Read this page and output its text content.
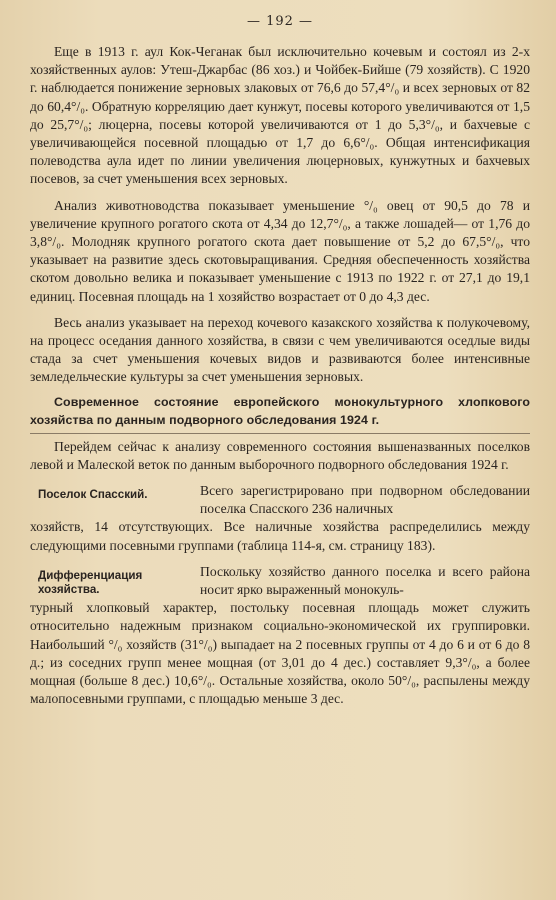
— 192 —

Еще в 1913 г. аул Кок-Чеганак был исключительно кочевым и состоял из 2-х хозяйственных аулов: Утеш-Джарбас (86 хоз.) и Чойбек-Бийше (79 хозяйств). С 1920 г. наблюдается понижение зерновых злаковых от 76,6 до 57,4°/₀ и всех зерновых от 82 до 60,4°/₀. Обратную корреляцию дает кунжут, посевы которого увеличиваются от 1,5 до 25,7°/₀; люцерна, посевы которой увеличиваются от 1 до 5,3°/₀, и бахчевые с увеличивающейся посевной площадью от 1,7 до 6,6°/₀. Общая интенсификация полеводства аула идет по линии увеличения люцерновых, кунжутных и бахчевых посевов, за счет уменьшения всех зерновых.

Анализ животноводства показывает уменьшение °/₀ овец от 90,5 до 78 и увеличение крупного рогатого скота от 4,34 до 12,7°/₀, а также лошадей— от 1,76 до 3,8°/₀. Молодняк крупного рогатого скота дает повышение от 5,2 до 67,5°/₀, что указывает на развитие здесь скотовыращивания. Средняя обеспеченность хозяйства скотом довольно велика и показывает уменьшение с 1913 по 1922 г. от 27,1 до 19,1 единиц. Посевная площадь на 1 хозяйство возрастает от 0 до 4,3 дес.

Весь анализ указывает на переход кочевого казакского хозяйства к полукочевому, на процесс оседания данного хозяйства, в связи с чем увеличиваются оседлые виды стада за счет уменьшения кочевых видов и развиваются более интенсивные земледельческие культуры за счет уменьшения зерновых.

Современное состояние европейского монокультурного хлопкового хозяйства по данным подворного обследования 1924 г.

Перейдем сейчас к анализу современного состояния вышеназванных поселков левой и Малеской веток по данным выборочного подворного обследования 1924 г.

Поселок Спасский.	Всего зарегистрировано при подворном обследовании поселка Спасского 236 наличных
хозяйств, 14 отсутствующих. Все наличные хозяйства распределились между следующими посевными группами (таблица 114-я, см. страницу 183).

Дифференциация
хозяйства.

Поскольку хозяйство данного поселка и всего района носит ярко выраженный монокуль-
турный хлопковый характер, постольку посевная площадь может служить относительно надежным признаком социально-экономической их группировки. Наибольший °/₀ хозяйств (31°/₀) выпадает на 2 посевных группы от 4 до 6 и от 6 до 8 д.; из соседних групп менее мощная (от 3,01 до 4 дес.) составляет 9,3°/₀, а более мощная (больше 8 дес.) 10,6°/₀. Остальные хозяйства, около 50°/₀, распылены между малопосевными группами, с площадью меньше 3 дес.
